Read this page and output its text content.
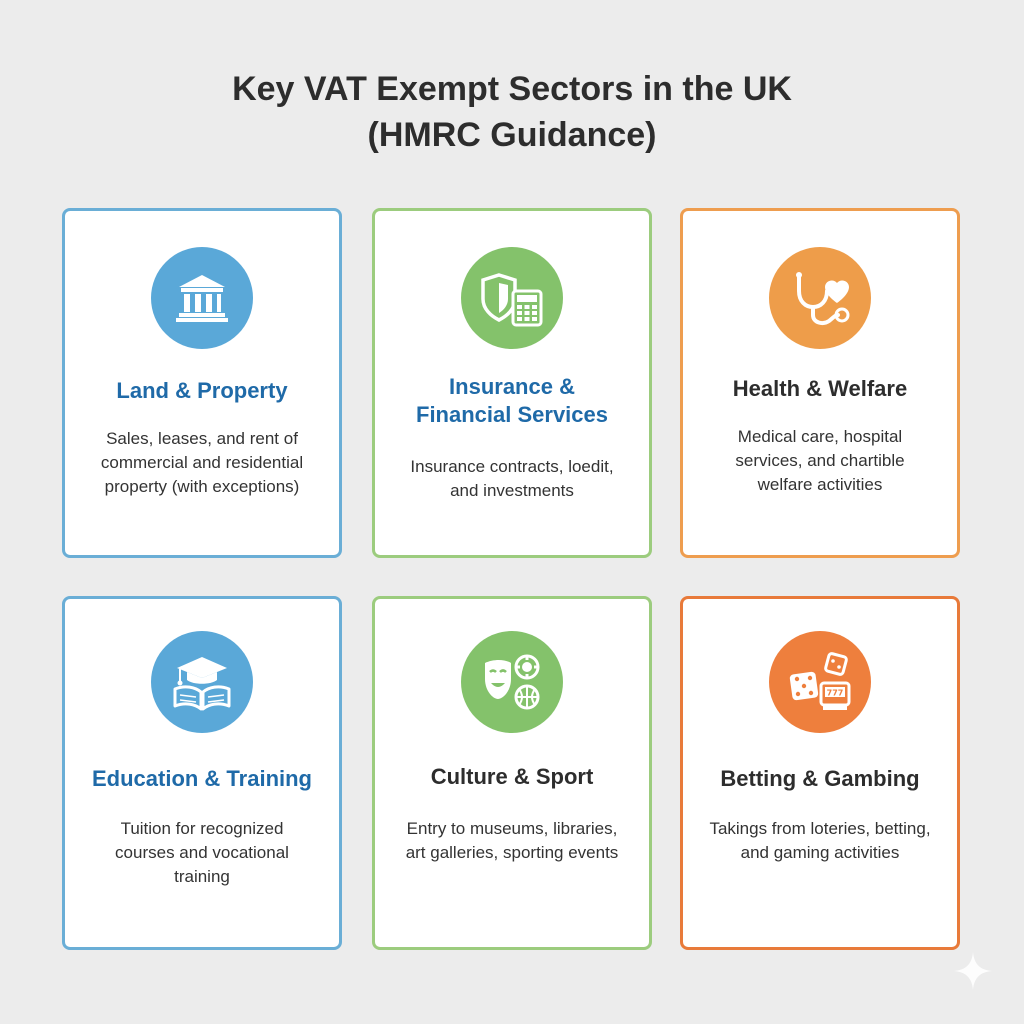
Key VAT Exempt Sectors in the UK
(HMRC Guidance)
Land & Property
Sales, leases, and rent of commercial and residential property (with exceptions)
Insurance &
Financial Services
Insurance contracts, loedit, and investments
Health & Welfare
Medical care, hospital services, and chartible welfare activities
Education & Training
Tuition for recognized courses and vocational training
Culture & Sport
Entry to museums, libraries, art galleries, sporting events
777
Betting & Gambing
Takings from loteries, betting, and gaming activities
